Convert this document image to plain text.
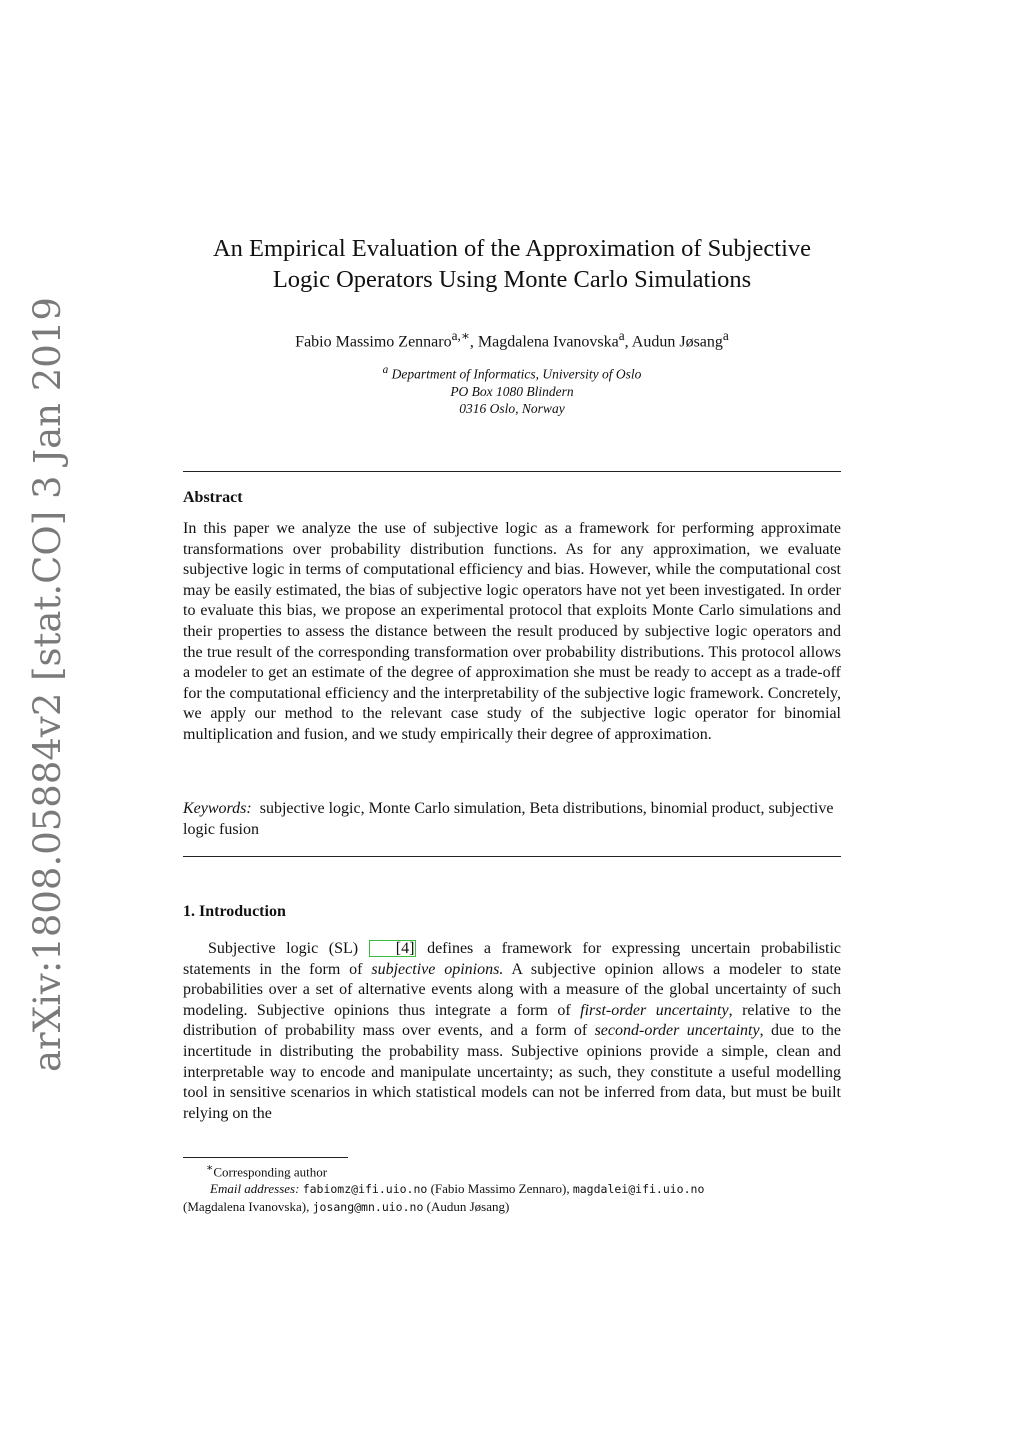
arXiv:1808.05884v2 [stat.CO] 3 Jan 2019
An Empirical Evaluation of the Approximation of Subjective
Logic Operators Using Monte Carlo Simulations
Fabio Massimo Zennaro$^{a,∗}$, Magdalena Ivanovska$^a$, Audun Jøsang$^a$
$^a$ Department of Informatics, University of Oslo
PO Box 1080 Blindern
0316 Oslo, Norway
Abstract
In this paper we analyze the use of subjective logic as a framework for performing approximate transformations over probability distribution functions. As for any approximation, we evaluate subjective logic in terms of computational efficiency and bias. However, while the computational cost may be easily estimated, the bias of subjective logic operators have not yet been investigated. In order to evaluate this bias, we propose an experimental protocol that exploits Monte Carlo simulations and their properties to assess the distance between the result produced by subjective logic operators and the true result of the corresponding transformation over probability distributions. This protocol allows a modeler to get an estimate of the degree of approximation she must be ready to accept as a trade-off for the computational efficiency and the interpretability of the subjective logic framework. Concretely, we apply our method to the relevant case study of the subjective logic operator for binomial multiplication and fusion, and we study empirically their degree of approximation.
Keywords: subjective logic, Monte Carlo simulation, Beta distributions, binomial product, subjective logic fusion
1. Introduction

Subjective logic (SL) [4] defines a framework for expressing uncertain probabilistic statements in the form of subjective opinions. A subjective opinion allows a modeler to state probabilities over a set of alternative events along with a measure of the global uncertainty of such modeling. Subjective opinions thus integrate a form of first-order uncertainty, relative to the distribution of probability mass over events, and a form of second-order uncertainty, due to the incertitude in distributing the probability mass. Subjective opinions provide a simple, clean and interpretable way to encode and manipulate uncertainty; as such, they constitute a useful modelling tool in sensitive scenarios in which statistical models can not be inferred from data, but must be built relying on the

∗Corresponding author
Email addresses: fabiomz@ifi.uio.no (Fabio Massimo Zennaro), magdalei@ifi.uio.no
(Magdalena Ivanovska), josang@mn.uio.no (Audun Jøsang)
